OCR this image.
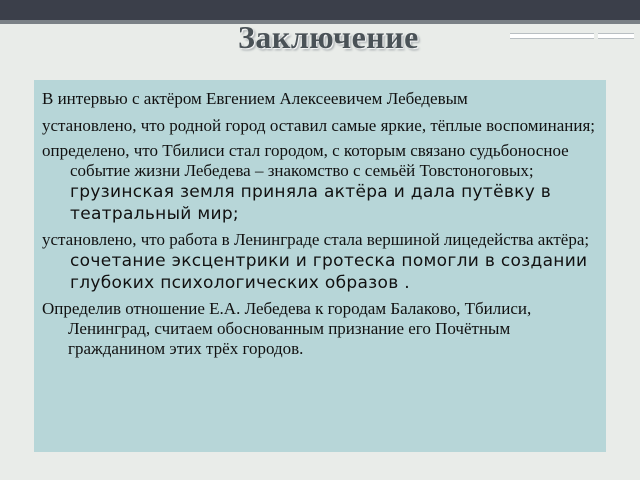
Заключение

В интервью с актёром Евгением Алексеевичем Лебедевым

установлено, что родной город оставил самые яркие, тёплые воспоминания;

определено, что Тбилиси стал городом, с которым связано судьбоносное событие жизни Лебедева – знакомство с семьёй Товстоноговых; грузинская земля приняла актёра и дала путёвку в театральный мир;

установлено, что работа в Ленинграде стала вершиной лицедейства актёра; сочетание эксцентрики и гротеска помогли в создании глубоких психологических образов .

Определив отношение Е.А. Лебедева к городам Балаково, Тбилиси, Ленинград, считаем обоснованным признание его Почётным гражданином этих трёх городов.
